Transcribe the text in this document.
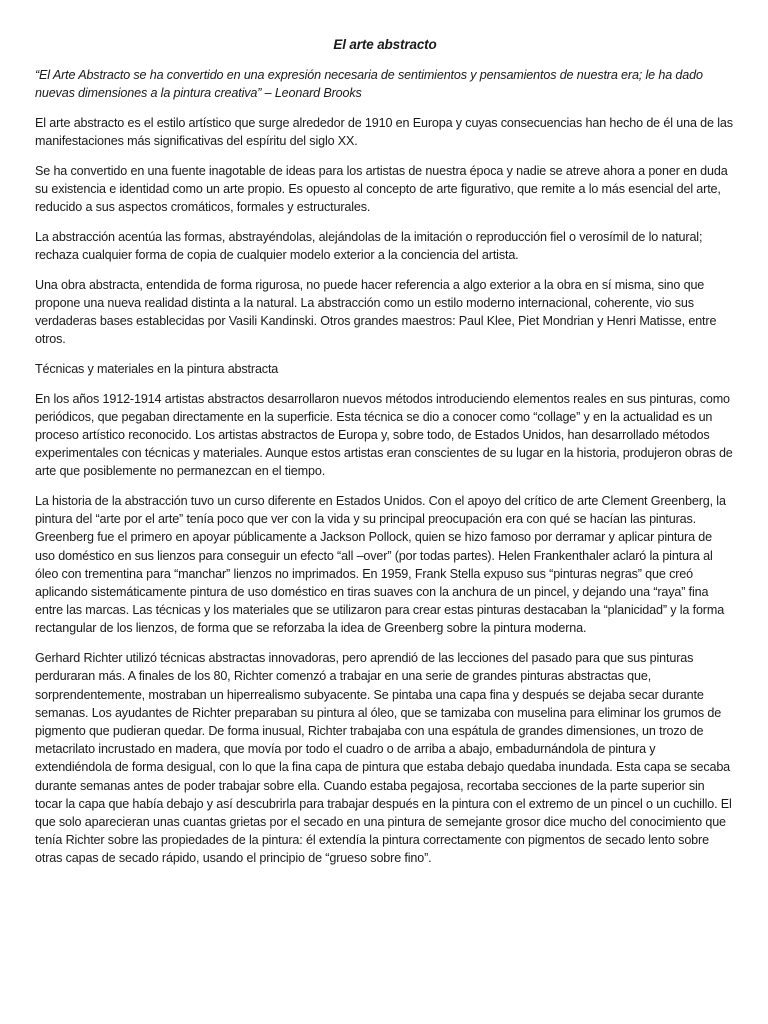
El arte abstracto

“El Arte Abstracto se ha convertido en una expresión necesaria de sentimientos y pensamientos de nuestra era; le ha dado nuevas dimensiones a la pintura creativa” – Leonard Brooks

El arte abstracto es el estilo artístico que surge alrededor de 1910 en Europa y cuyas consecuencias han hecho de él una de las manifestaciones más significativas del espíritu del siglo XX.

Se ha convertido en una fuente inagotable de ideas para los artistas de nuestra época y nadie se atreve ahora a poner en duda su existencia e identidad como un arte propio. Es opuesto al concepto de arte figurativo, que remite a lo más esencial del arte, reducido a sus aspectos cromáticos, formales y estructurales.

La abstracción acentúa las formas, abstrayéndolas, alejándolas de la imitación o reproducción fiel o verosímil de lo natural; rechaza cualquier forma de copia de cualquier modelo exterior a la conciencia del artista.

Una obra abstracta, entendida de forma rigurosa, no puede hacer referencia a algo exterior a la obra en sí misma, sino que propone una nueva realidad distinta a la natural. La abstracción como un estilo moderno internacional, coherente, vio sus verdaderas bases establecidas por Vasili Kandinski. Otros grandes maestros: Paul Klee, Piet Mondrian y Henri Matisse, entre otros.

Técnicas y materiales en la pintura abstracta

En los años 1912-1914 artistas abstractos desarrollaron nuevos métodos introduciendo elementos reales en sus pinturas, como periódicos, que pegaban directamente en la superficie. Esta técnica se dio a conocer como “collage” y en la actualidad es un proceso artístico reconocido. Los artistas abstractos de Europa y, sobre todo, de Estados Unidos, han desarrollado métodos experimentales con técnicas y materiales. Aunque estos artistas eran conscientes de su lugar en la historia, produjeron obras de arte que posiblemente no permanezcan en el tiempo.

La historia de la abstracción tuvo un curso diferente en Estados Unidos. Con el apoyo del crítico de arte Clement Greenberg, la pintura del “arte por el arte” tenía poco que ver con la vida y su principal preocupación era con qué se hacían las pinturas. Greenberg fue el primero en apoyar públicamente a Jackson Pollock, quien se hizo famoso por derramar y aplicar pintura de uso doméstico en sus lienzos para conseguir un efecto “all –over” (por todas partes). Helen Frankenthaler aclaró la pintura al óleo con trementina para “manchar” lienzos no imprimados. En 1959, Frank Stella expuso sus “pinturas negras” que creó aplicando sistemáticamente pintura de uso doméstico en tiras suaves con la anchura de un pincel, y dejando una “raya” fina entre las marcas. Las técnicas y los materiales que se utilizaron para crear estas pinturas destacaban la “planicidad” y la forma rectangular de los lienzos, de forma que se reforzaba la idea de Greenberg sobre la pintura moderna.

Gerhard Richter utilizó técnicas abstractas innovadoras, pero aprendió de las lecciones del pasado para que sus pinturas perduraran más. A finales de los 80, Richter comenzó a trabajar en una serie de grandes pinturas abstractas que, sorprendentemente, mostraban un hiperrealismo subyacente. Se pintaba una capa fina y después se dejaba secar durante semanas. Los ayudantes de Richter preparaban su pintura al óleo, que se tamizaba con muselina para eliminar los grumos de pigmento que pudieran quedar. De forma inusual, Richter trabajaba con una espátula de grandes dimensiones, un trozo de metacrilato incrustado en madera, que movía por todo el cuadro o de arriba a abajo, embadurnándola de pintura y extendiéndola de forma desigual, con lo que la fina capa de pintura que estaba debajo quedaba inundada. Esta capa se secaba durante semanas antes de poder trabajar sobre ella. Cuando estaba pegajosa, recortaba secciones de la parte superior sin tocar la capa que había debajo y así descubrirla para trabajar después en la pintura con el extremo de un pincel o un cuchillo. El que solo aparecieran unas cuantas grietas por el secado en una pintura de semejante grosor dice mucho del conocimiento que tenía Richter sobre las propiedades de la pintura: él extendía la pintura correctamente con pigmentos de secado lento sobre otras capas de secado rápido, usando el principio de “grueso sobre fino”.
